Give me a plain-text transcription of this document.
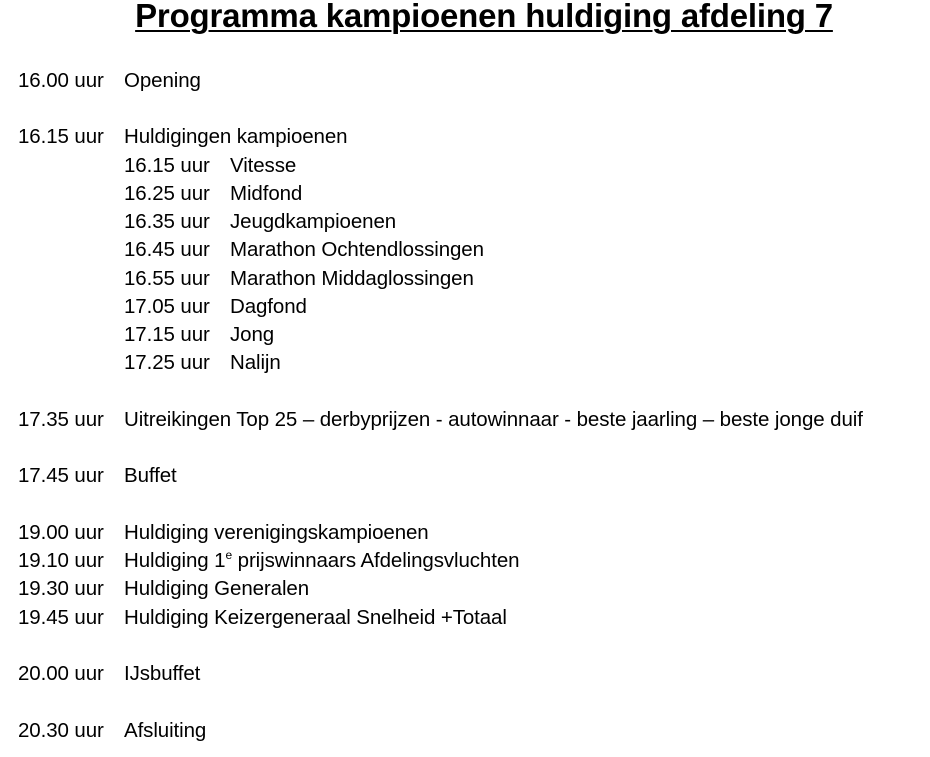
Programma kampioenen huldiging afdeling 7
16.00 uur Opening
16.15 uur Huldigingen kampioenen
16.15 uur Vitesse
16.25 uur Midfond
16.35 uur Jeugdkampioenen
16.45 uur Marathon Ochtendlossingen
16.55 uur Marathon Middaglossingen
17.05 uur Dagfond
17.15 uur Jong
17.25 uur Nalijn
17.35 uur Uitreikingen Top 25 – derbyprijzen - autowinnaar - beste jaarling – beste jonge duif
17.45 uur Buffet
19.00 uur Huldiging verenigingskampioenen
19.10 uur Huldiging 1e prijswinnaars Afdelingsvluchten
19.30 uur Huldiging Generalen
19.45 uur Huldiging Keizergeneraal Snelheid +Totaal
20.00 uur IJsbuffet
20.30 uur Afsluiting
